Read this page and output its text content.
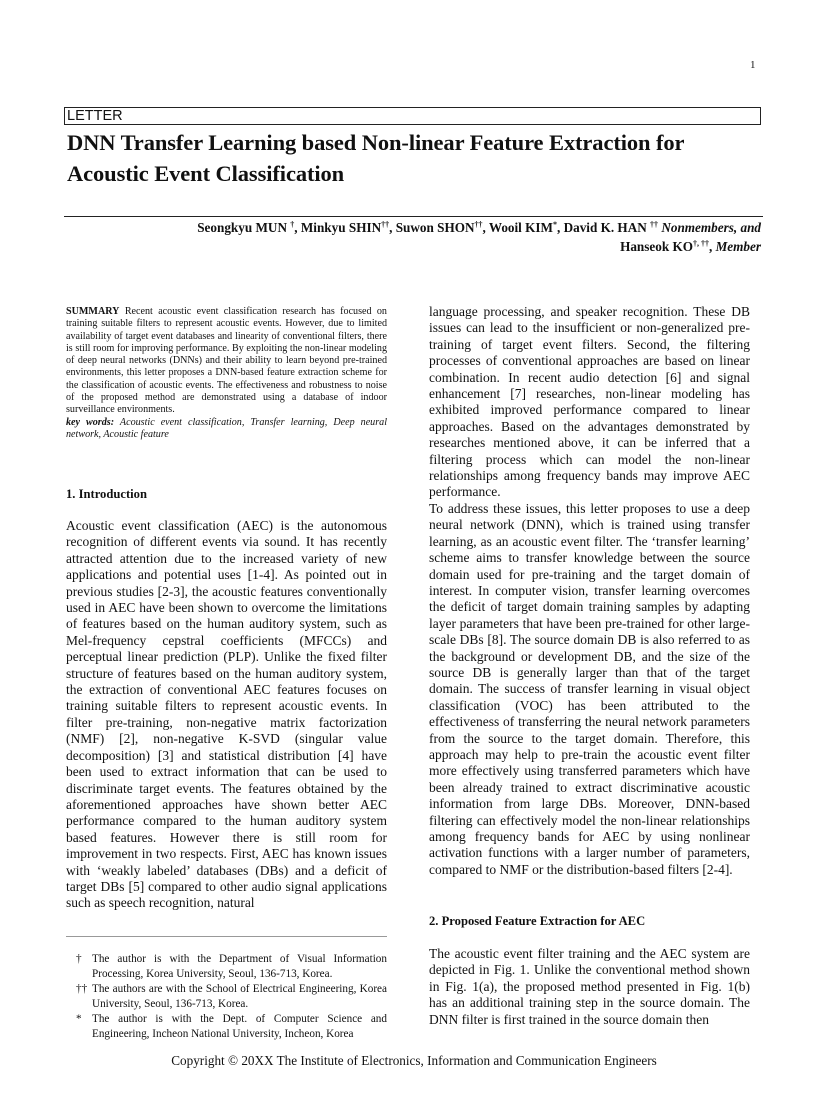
1
LETTER
DNN Transfer Learning based Non-linear Feature Extraction for
Acoustic Event Classification
Seongkyu MUN †, Minkyu SHIN††, Suwon SHON††, Wooil KIM*, David K. HAN †† Nonmembers, and
Hanseok KO†, ††, Member

SUMMARY Recent acoustic event classification research has focused on training suitable filters to represent acoustic events. However, due to limited availability of target event databases and linearity of conventional filters, there is still room for improving performance. By exploiting the non-linear modeling of deep neural networks (DNNs) and their ability to learn beyond pre-trained environments, this letter proposes a DNN-based feature extraction scheme for the classification of acoustic events. The effectiveness and robustness to noise of the proposed method are demonstrated using a database of indoor surveillance environments.

key words: Acoustic event classification, Transfer learning, Deep neural network, Acoustic feature

1. Introduction

Acoustic event classification (AEC) is the autonomous recognition of different events via sound. It has recently attracted attention due to the increased variety of new applications and potential uses [1-4]. As pointed out in previous studies [2-3], the acoustic features conventionally used in AEC have been shown to overcome the limitations of features based on the human auditory system, such as Mel-frequency cepstral coefficients (MFCCs) and perceptual linear prediction (PLP). Unlike the fixed filter structure of features based on the human auditory system, the extraction of conventional AEC features focuses on training suitable filters to represent acoustic events. In filter pre-training, non-negative matrix factorization (NMF) [2], non-negative K-SVD (singular value decomposition) [3] and statistical distribution [4] have been used to extract information that can be used to discriminate target events. The features obtained by the aforementioned approaches have shown better AEC performance compared to the human auditory system based features. However there is still room for improvement in two respects. First, AEC has known issues with ‘weakly labeled’ databases (DBs) and a deficit of target DBs [5] compared to other audio signal applications such as speech recognition, natural

† The author is with the Department of Visual Information Processing, Korea University, Seoul, 136-713, Korea.

†† The authors are with the School of Electrical Engineering, Korea University, Seoul, 136-713, Korea.

* The author is with the Dept. of Computer Science and Engineering, Incheon National University, Incheon, Korea

language processing, and speaker recognition. These DB issues can lead to the insufficient or non-generalized pre-training of target event filters. Second, the filtering processes of conventional approaches are based on linear combination. In recent audio detection [6] and signal enhancement [7] researches, non-linear modeling has exhibited improved performance compared to linear approaches. Based on the advantages demonstrated by researches mentioned above, it can be inferred that a filtering process which can model the non-linear relationships among frequency bands may improve AEC performance.

To address these issues, this letter proposes to use a deep neural network (DNN), which is trained using transfer learning, as an acoustic event filter. The ‘transfer learning’ scheme aims to transfer knowledge between the source domain used for pre-training and the target domain of interest. In computer vision, transfer learning overcomes the deficit of target domain training samples by adapting layer parameters that have been pre-trained for other large-scale DBs [8]. The source domain DB is also referred to as the background or development DB, and the size of the source DB is generally larger than that of the target domain. The success of transfer learning in visual object classification (VOC) has been attributed to the effectiveness of transferring the neural network parameters from the source to the target domain. Therefore, this approach may help to pre-train the acoustic event filter more effectively using transferred parameters which have been already trained to extract discriminative acoustic information from large DBs. Moreover, DNN-based filtering can effectively model the non-linear relationships among frequency bands for AEC by using nonlinear activation functions with a larger number of parameters, compared to NMF or the distribution-based filters [2-4].

2. Proposed Feature Extraction for AEC

The acoustic event filter training and the AEC system are depicted in Fig. 1. Unlike the conventional method shown in Fig. 1(a), the proposed method presented in Fig. 1(b) has an additional training step in the source domain. The DNN filter is first trained in the source domain then

Copyright © 20XX The Institute of Electronics, Information and Communication Engineers
